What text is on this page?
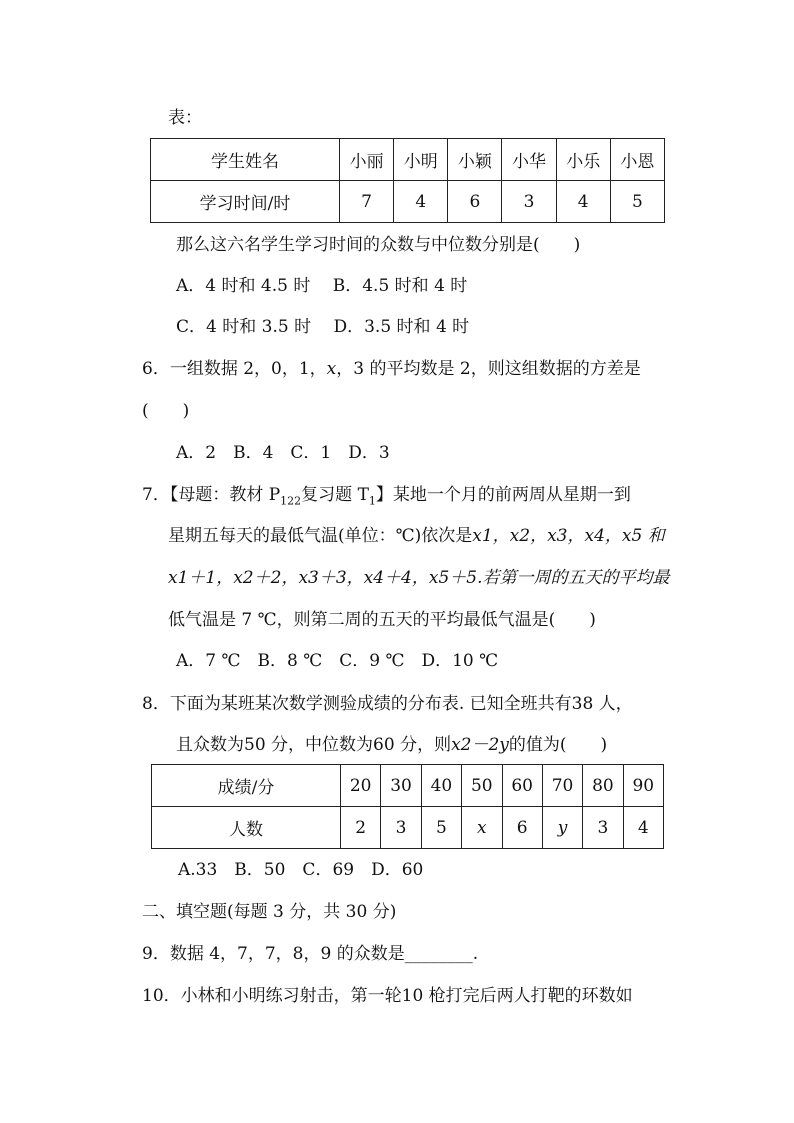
表：
学生姓名	小丽	小明	小颖	小华	小乐	小恩
学习时间/时	7	4	6	3	4	5
那么这六名学生学习时间的众数与中位数分别是(　　)
A．4 时和 4.5 时　 B．4.5 时和 4 时
C．4 时和 3.5 时　 D．3.5 时和 4 时
6．一组数据 2，0，1，x，3 的平均数是 2，则这组数据的方差是
(　　)
A．2　B．4　C．1　D．3
7．【母题：教材 $P_{122}$复习题 $T_1$】某地一个月的前两周从星期一到
星期五每天的最低气温(单位：℃)依次是x1，x2，x3，x4，x5 和
x1＋1，x2＋2，x3＋3，x4＋4，x5＋5.若第一周的五天的平均最
低气温是 7 ℃，则第二周的五天的平均最低气温是(　　)
A．7 ℃　B．8 ℃　C．9 ℃　D．10 ℃
8．下面为某班某次数学测验成绩的分布表. 已知全班共有38 人，
且众数为50 分，中位数为60 分，则x2－2y的值为(　　)
成绩/分	20	30	40	50	60	70	80	90
人数	2	3	5	x	6	y	3	4
A.33　B．50　C．69　D．60
二、填空题(每题 3 分，共 30 分)
9．数据 4，7，7，8，9 的众数是________.
10．小林和小明练习射击，第一轮10 枪打完后两人打靶的环数如
